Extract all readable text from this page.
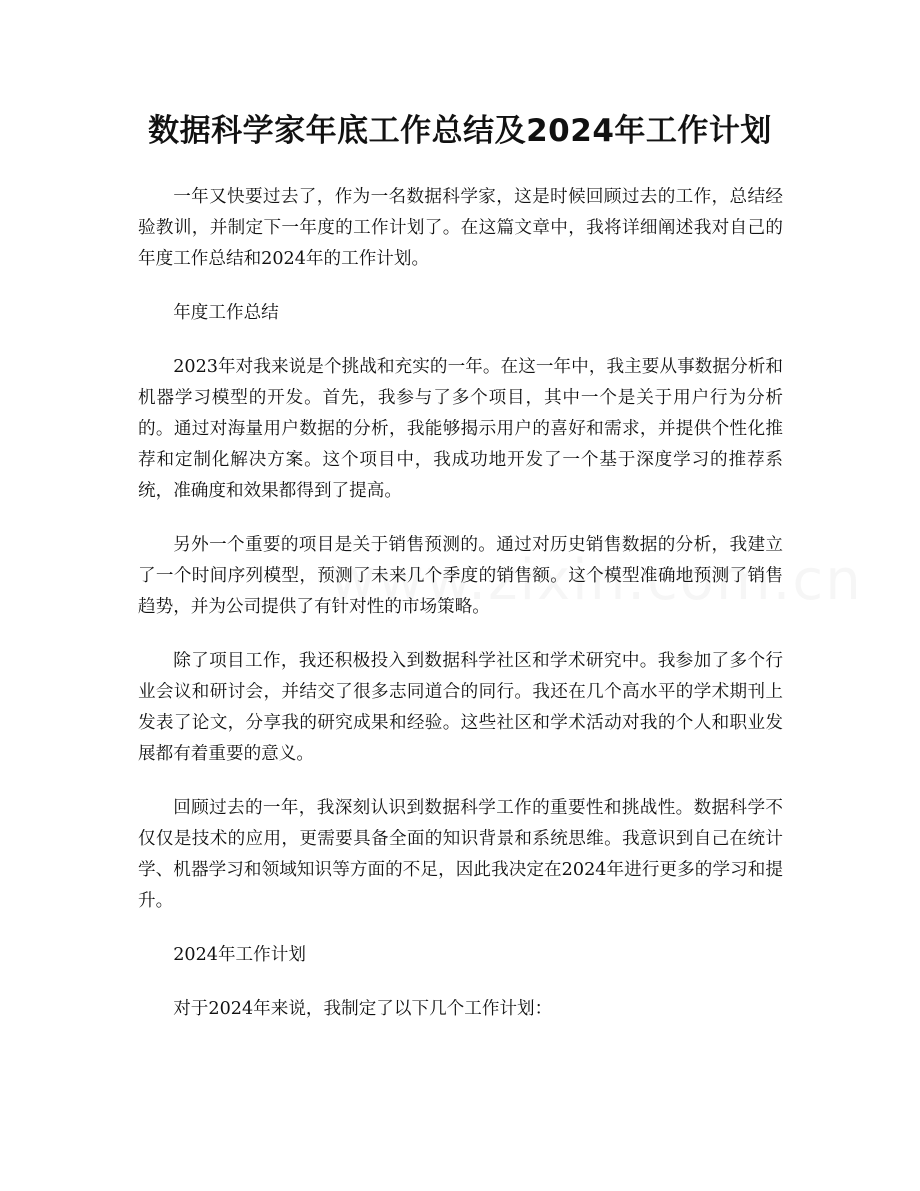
数据科学家年底工作总结及2024年工作计划

一年又快要过去了，作为一名数据科学家，这是时候回顾过去的工作，总结经验教训，并制定下一年度的工作计划了。在这篇文章中，我将详细阐述我对自己的年度工作总结和2024年的工作计划。

年度工作总结

2023年对我来说是个挑战和充实的一年。在这一年中，我主要从事数据分析和机器学习模型的开发。首先，我参与了多个项目，其中一个是关于用户行为分析的。通过对海量用户数据的分析，我能够揭示用户的喜好和需求，并提供个性化推荐和定制化解决方案。这个项目中，我成功地开发了一个基于深度学习的推荐系统，准确度和效果都得到了提高。

另外一个重要的项目是关于销售预测的。通过对历史销售数据的分析，我建立了一个时间序列模型，预测了未来几个季度的销售额。这个模型准确地预测了销售趋势，并为公司提供了有针对性的市场策略。

除了项目工作，我还积极投入到数据科学社区和学术研究中。我参加了多个行业会议和研讨会，并结交了很多志同道合的同行。我还在几个高水平的学术期刊上发表了论文，分享我的研究成果和经验。这些社区和学术活动对我的个人和职业发展都有着重要的意义。

回顾过去的一年，我深刻认识到数据科学工作的重要性和挑战性。数据科学不仅仅是技术的应用，更需要具备全面的知识背景和系统思维。我意识到自己在统计学、机器学习和领域知识等方面的不足，因此我决定在2024年进行更多的学习和提升。

2024年工作计划

对于2024年来说，我制定了以下几个工作计划：
